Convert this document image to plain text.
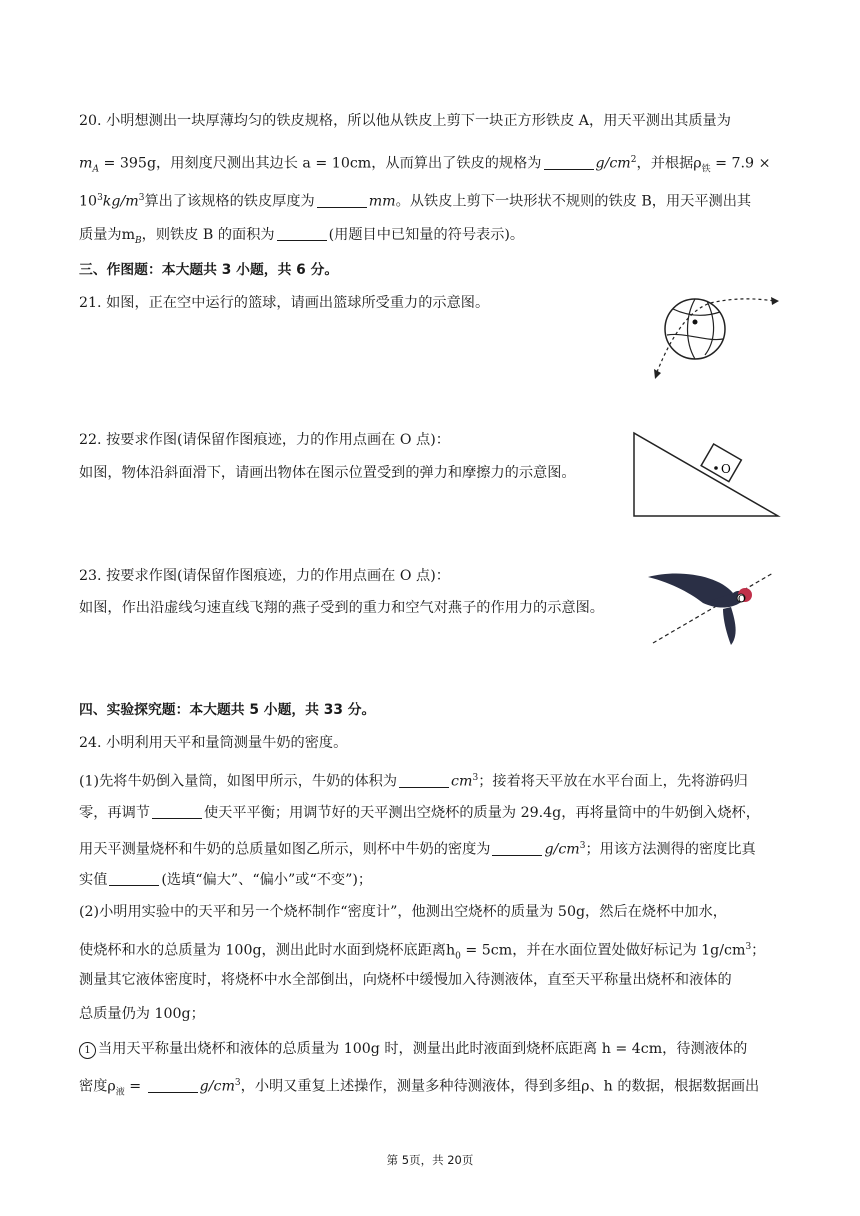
20. 小明想测出一块厚薄均匀的铁皮规格，所以他从铁皮上剪下一块正方形铁皮 A，用天平测出其质量为
$m_A = 395g$，用刻度尺测出其边长 a = 10cm，从而算出了铁皮的规格为	$g/cm^2$，并根据$\rho_铁 = 7.9$ ×
$10^3kg/m^3$算出了该规格的铁皮厚度为	mm。从铁皮上剪下一块形状不规则的铁皮 B，用天平测出其
质量为$m_B$，则铁皮 B 的面积为	(用题目中已知量的符号表示)。
三、作图题：本大题共 3 小题，共 6 分。
21. 如图，正在空中运行的篮球，请画出篮球所受重力的示意图。
22. 按要求作图(请保留作图痕迹，力的作用点画在 O 点)：
如图，物体沿斜面滑下，请画出物体在图示位置受到的弹力和摩擦力的示意图。	O
23. 按要求作图(请保留作图痕迹，力的作用点画在 O 点)：
如图，作出沿虚线匀速直线飞翔的燕子受到的重力和空气对燕子的作用力的示意图。	O
四、实验探究题：本大题共 5 小题，共 33 分。
24. 小明利用天平和量筒测量牛奶的密度。
(1)先将牛奶倒入量筒，如图甲所示，牛奶的体积为	$cm^3$；接着将天平放在水平台面上，先将游码归
零，再调节	使天平平衡；用调节好的天平测出空烧杯的质量为 29.4g，再将量筒中的牛奶倒入烧杯，
用天平测量烧杯和牛奶的总质量如图乙所示，则杯中牛奶的密度为	$g/cm^3$；用该方法测得的密度比真
实值	(选填“偏大”、“偏小”或“不变”)；
(2)小明用实验中的天平和另一个烧杯制作“密度计”，他测出空烧杯的质量为 50g，然后在烧杯中加水，
使烧杯和水的总质量为 100g，测出此时水面到烧杯底距离$h_0 = 5cm$，并在水面位置处做好标记为 $1g/cm^3$；
测量其它液体密度时，将烧杯中水全部倒出，向烧杯中缓慢加入待测液体，直至天平称量出烧杯和液体的
总质量仍为 100g；
1 当用天平称量出烧杯和液体的总质量为 100g 时，测量出此时液面到烧杯底距离 h = 4cm，待测液体的
密度$\rho_液$ =	$g/cm^3$，小明又重复上述操作，测量多种待测液体，得到多组ρ、h 的数据，根据数据画出
第 5页，共 20页
